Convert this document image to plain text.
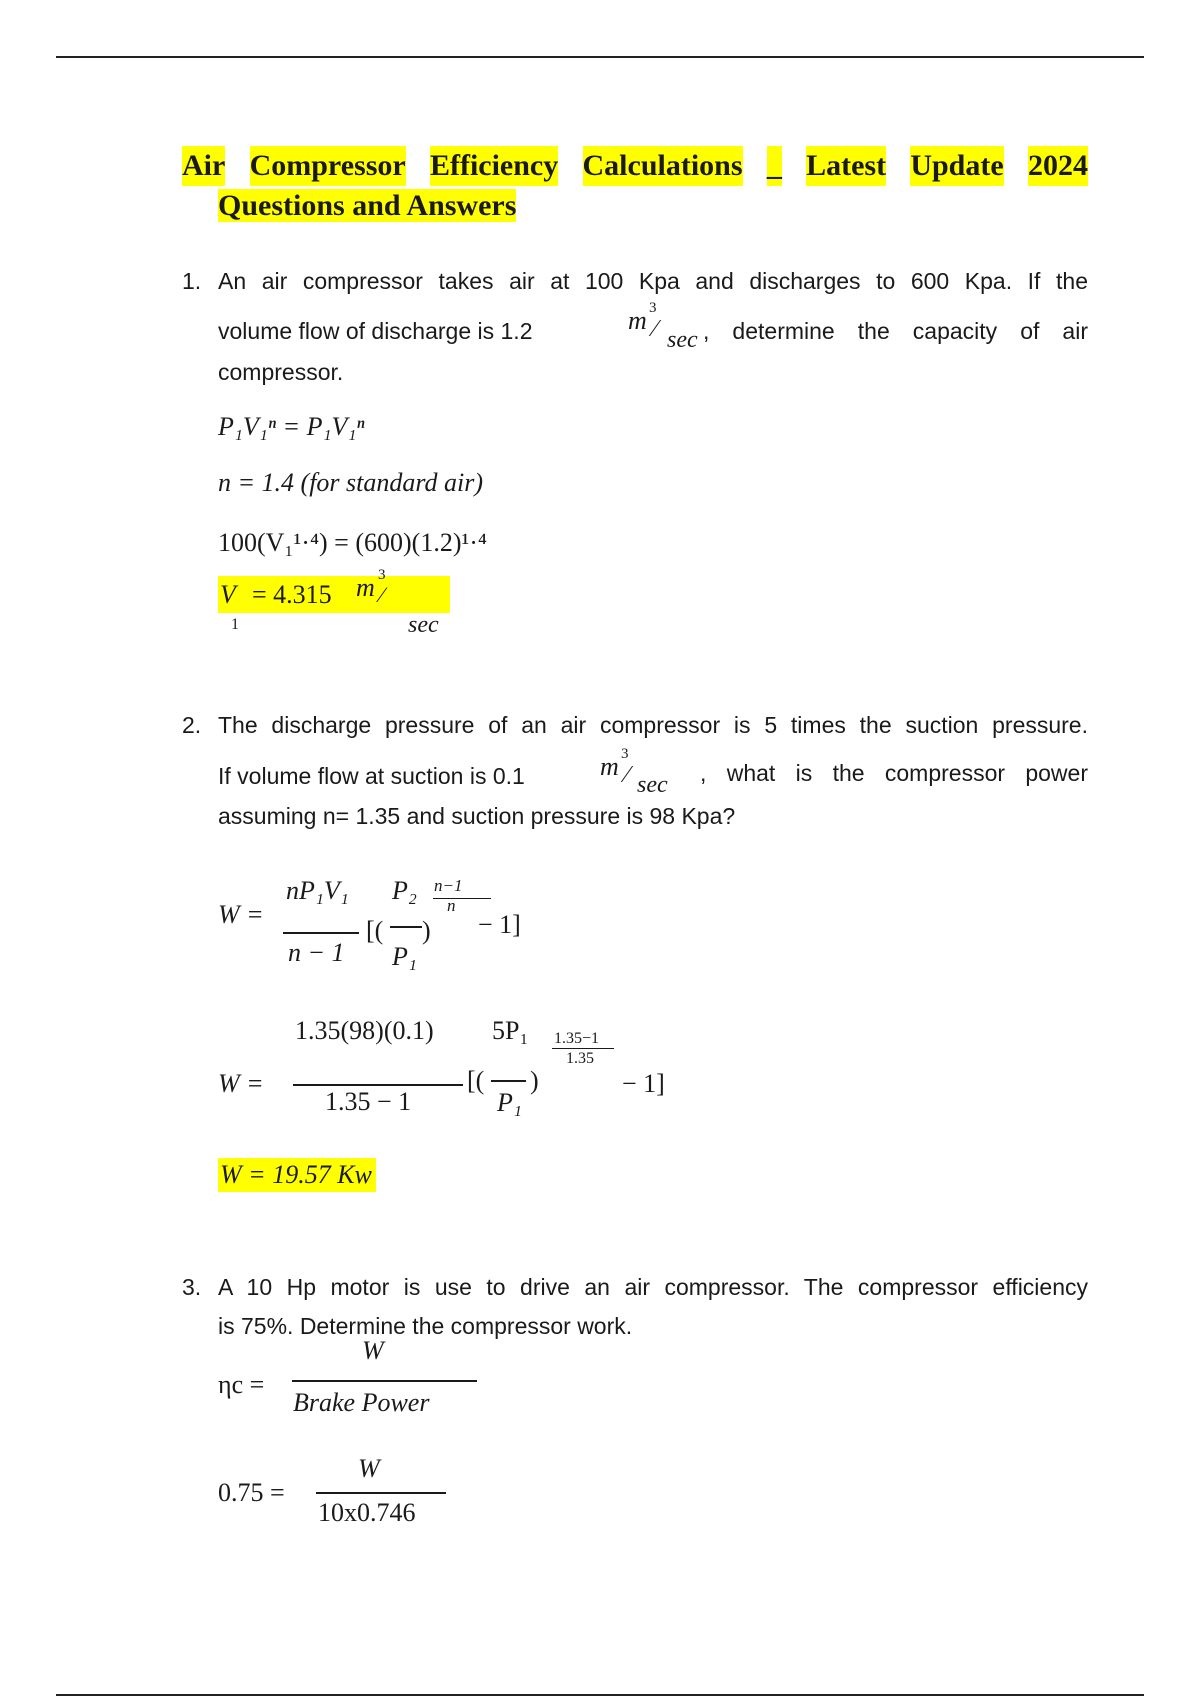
Air Compressor Efficiency Calculations _ Latest Update 2024
Questions and Answers
1. An air compressor takes air at 100 Kpa and discharges to 600 Kpa. If the
volume flow of discharge is 1.2	m 3
⁄ sec , determine the capacity of air
compressor.
P₁V₁ⁿ = P₁V₁ⁿ
n = 1.4 (for standard air)
100(V₁¹·⁴) = (600)(1.2)¹·⁴
V = 4.315 m 3
⁄
1	sec
2. The discharge pressure of an air compressor is 5 times the suction pressure.
If volume flow at suction is 0.1	m 3
⁄ sec , what is the compressor power
assuming n= 1.35 and suction pressure is 98 Kpa?
W =
nP₁V₁
n − 1
[(
P₂
P₁
)
n−1
n
− 1]
W =
1.35(98)(0.1)
1.35 − 1
[(
5P₁
P₁
)
1.35−1
1.35
− 1]
W = 19.57 Kw
3. A 10 Hp motor is use to drive an air compressor. The compressor efficiency
is 75%. Determine the compressor work.
W
ηc =
Brake Power
W
0.75 =
10x0.746
